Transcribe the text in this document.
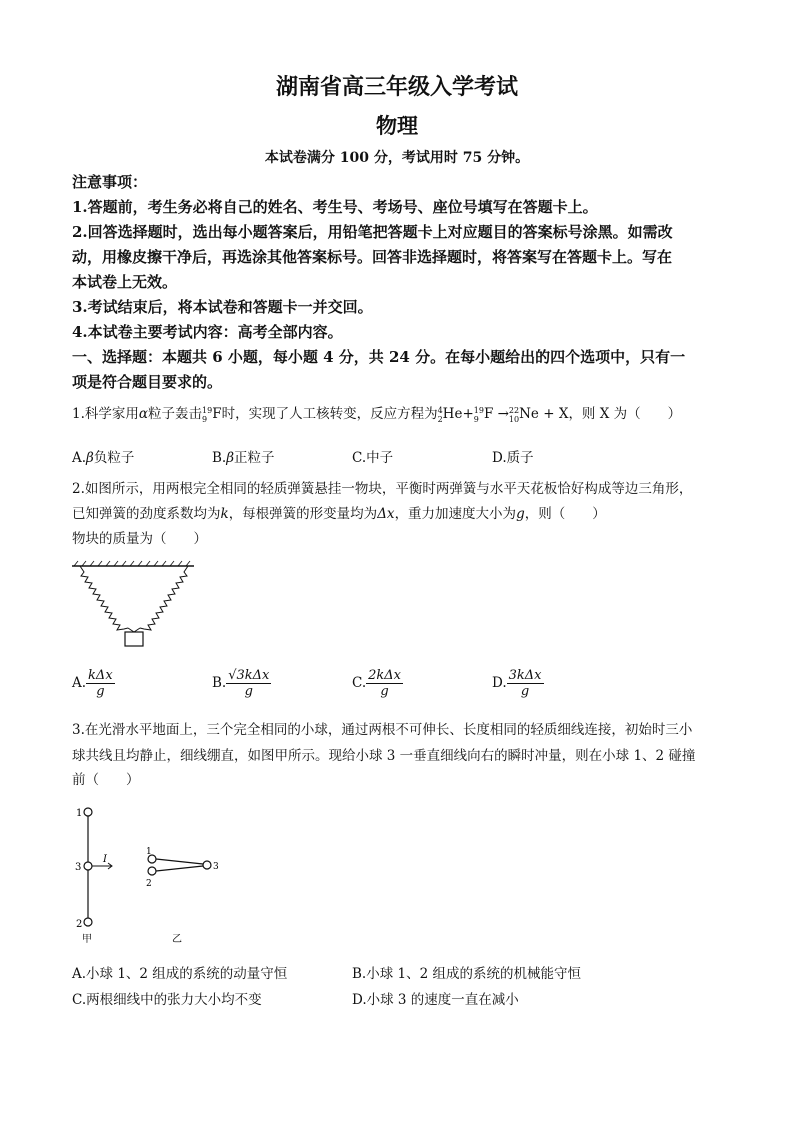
湖南省高三年级入学考试
物理
本试卷满分 100 分，考试用时 75 分钟。
注意事项：
1.答题前，考生务必将自己的姓名、考生号、考场号、座位号填写在答题卡上。
2.回答选择题时，选出每小题答案后，用铅笔把答题卡上对应题目的答案标号涂黑。如需改
动，用橡皮擦干净后，再选涂其他答案标号。回答非选择题时，将答案写在答题卡上。写在
本试卷上无效。
3.考试结束后，将本试卷和答题卡一并交回。
4.本试卷主要考试内容：高考全部内容。
一、选择题：本题共 6 小题，每小题 4 分，共 24 分。在每小题给出的四个选项中，只有一
项是符合题目要求的。
1.科学家用α粒子轰击 19
9 F时，实现了人工核转变，反应方程为 4
2 He+ 19
9 F → 22
10 Ne + X，则 X 为（　　）
A.β负粒子	B.β正粒子	C.中子	D.质子
2.如图所示，用两根完全相同的轻质弹簧悬挂一物块，平衡时两弹簧与水平天花板恰好构成等边三角形，
已知弹簧的劲度系数均为k，每根弹簧的形变量均为Δx，重力加速度大小为g，则（　　）
物块的质量为（　　）
A. $\frac{\text{kΔx}}{g}$	B. $\frac{\text{√3kΔx}}{g}$	C. $\frac{\text{2kΔx}}{g}$	D. $\frac{\text{3kΔx}}{g}$
3.在光滑水平地面上，三个完全相同的小球，通过两根不可伸长、长度相同的轻质细线连接，初始时三小
球共线且均静止，细线绷直，如图甲所示。现给小球 3 一垂直细线向右的瞬时冲量，则在小球 1、2 碰撞
前（　　）
1
3
2
I
甲
1
2
3
乙
A.小球 1、2 组成的系统的动量守恒	B.小球 1、2 组成的系统的机械能守恒
C.两根细线中的张力大小均不变	D.小球 3 的速度一直在减小
